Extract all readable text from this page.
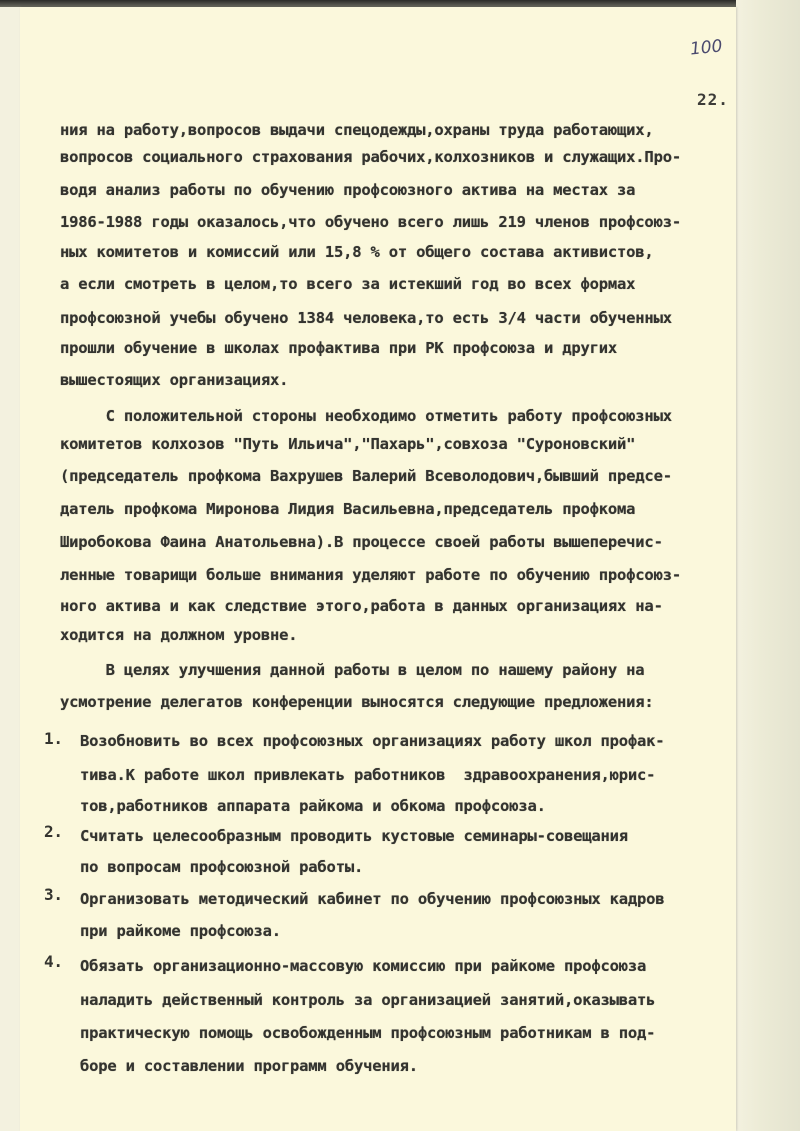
100
22.
ния на работу,вопросов выдачи спецодежды,охраны труда работающих,
вопросов социального страхования рабочих,колхозников и служащих.Про-
водя анализ работы по обучению профсоюзного актива на местах за
1986-1988 годы оказалось,что обучено всего лишь 219 членов профсоюз-
ных комитетов и комиссий или 15,8 % от общего состава активистов,
а если смотреть в целом,то всего за истекший год во всех формах
профсоюзной учебы обучено 1384 человека,то есть 3/4 части обученных
прошли обучение в школах профактива при РК профсоюза и других
вышестоящих организациях.
С положительной стороны необходимо отметить работу профсоюзных
комитетов колхозов "Путь Ильича","Пахарь",совхоза "Суроновский"
(председатель профкома Вахрушев Валерий Всеволодович,бывший предсе-
датель профкома Миронова Лидия Васильевна,председатель профкома
Широбокова Фаина Анатольевна).В процессе своей работы вышеперечис-
ленные товарищи больше внимания уделяют работе по обучению профсоюз-
ного актива и как следствие этого,работа в данных организациях на-
ходится на должном уровне.
В целях улучшения данной работы в целом по нашему району на
усмотрение делегатов конференции выносятся следующие предложения:
1. Возобновить во всех профсоюзных организациях работу школ профак-
тива.К работе школ привлекать работников  здравоохранения,юрис-
тов,работников аппарата райкома и обкома профсоюза.
2. Считать целесообразным проводить кустовые семинары-совещания
по вопросам профсоюзной работы.
3. Организовать методический кабинет по обучению профсоюзных кадров
при райкоме профсоюза.
4. Обязать организационно-массовую комиссию при райкоме профсоюза
наладить действенный контроль за организацией занятий,оказывать
практическую помощь освобожденным профсоюзным работникам в под-
боре и составлении программ обучения.
